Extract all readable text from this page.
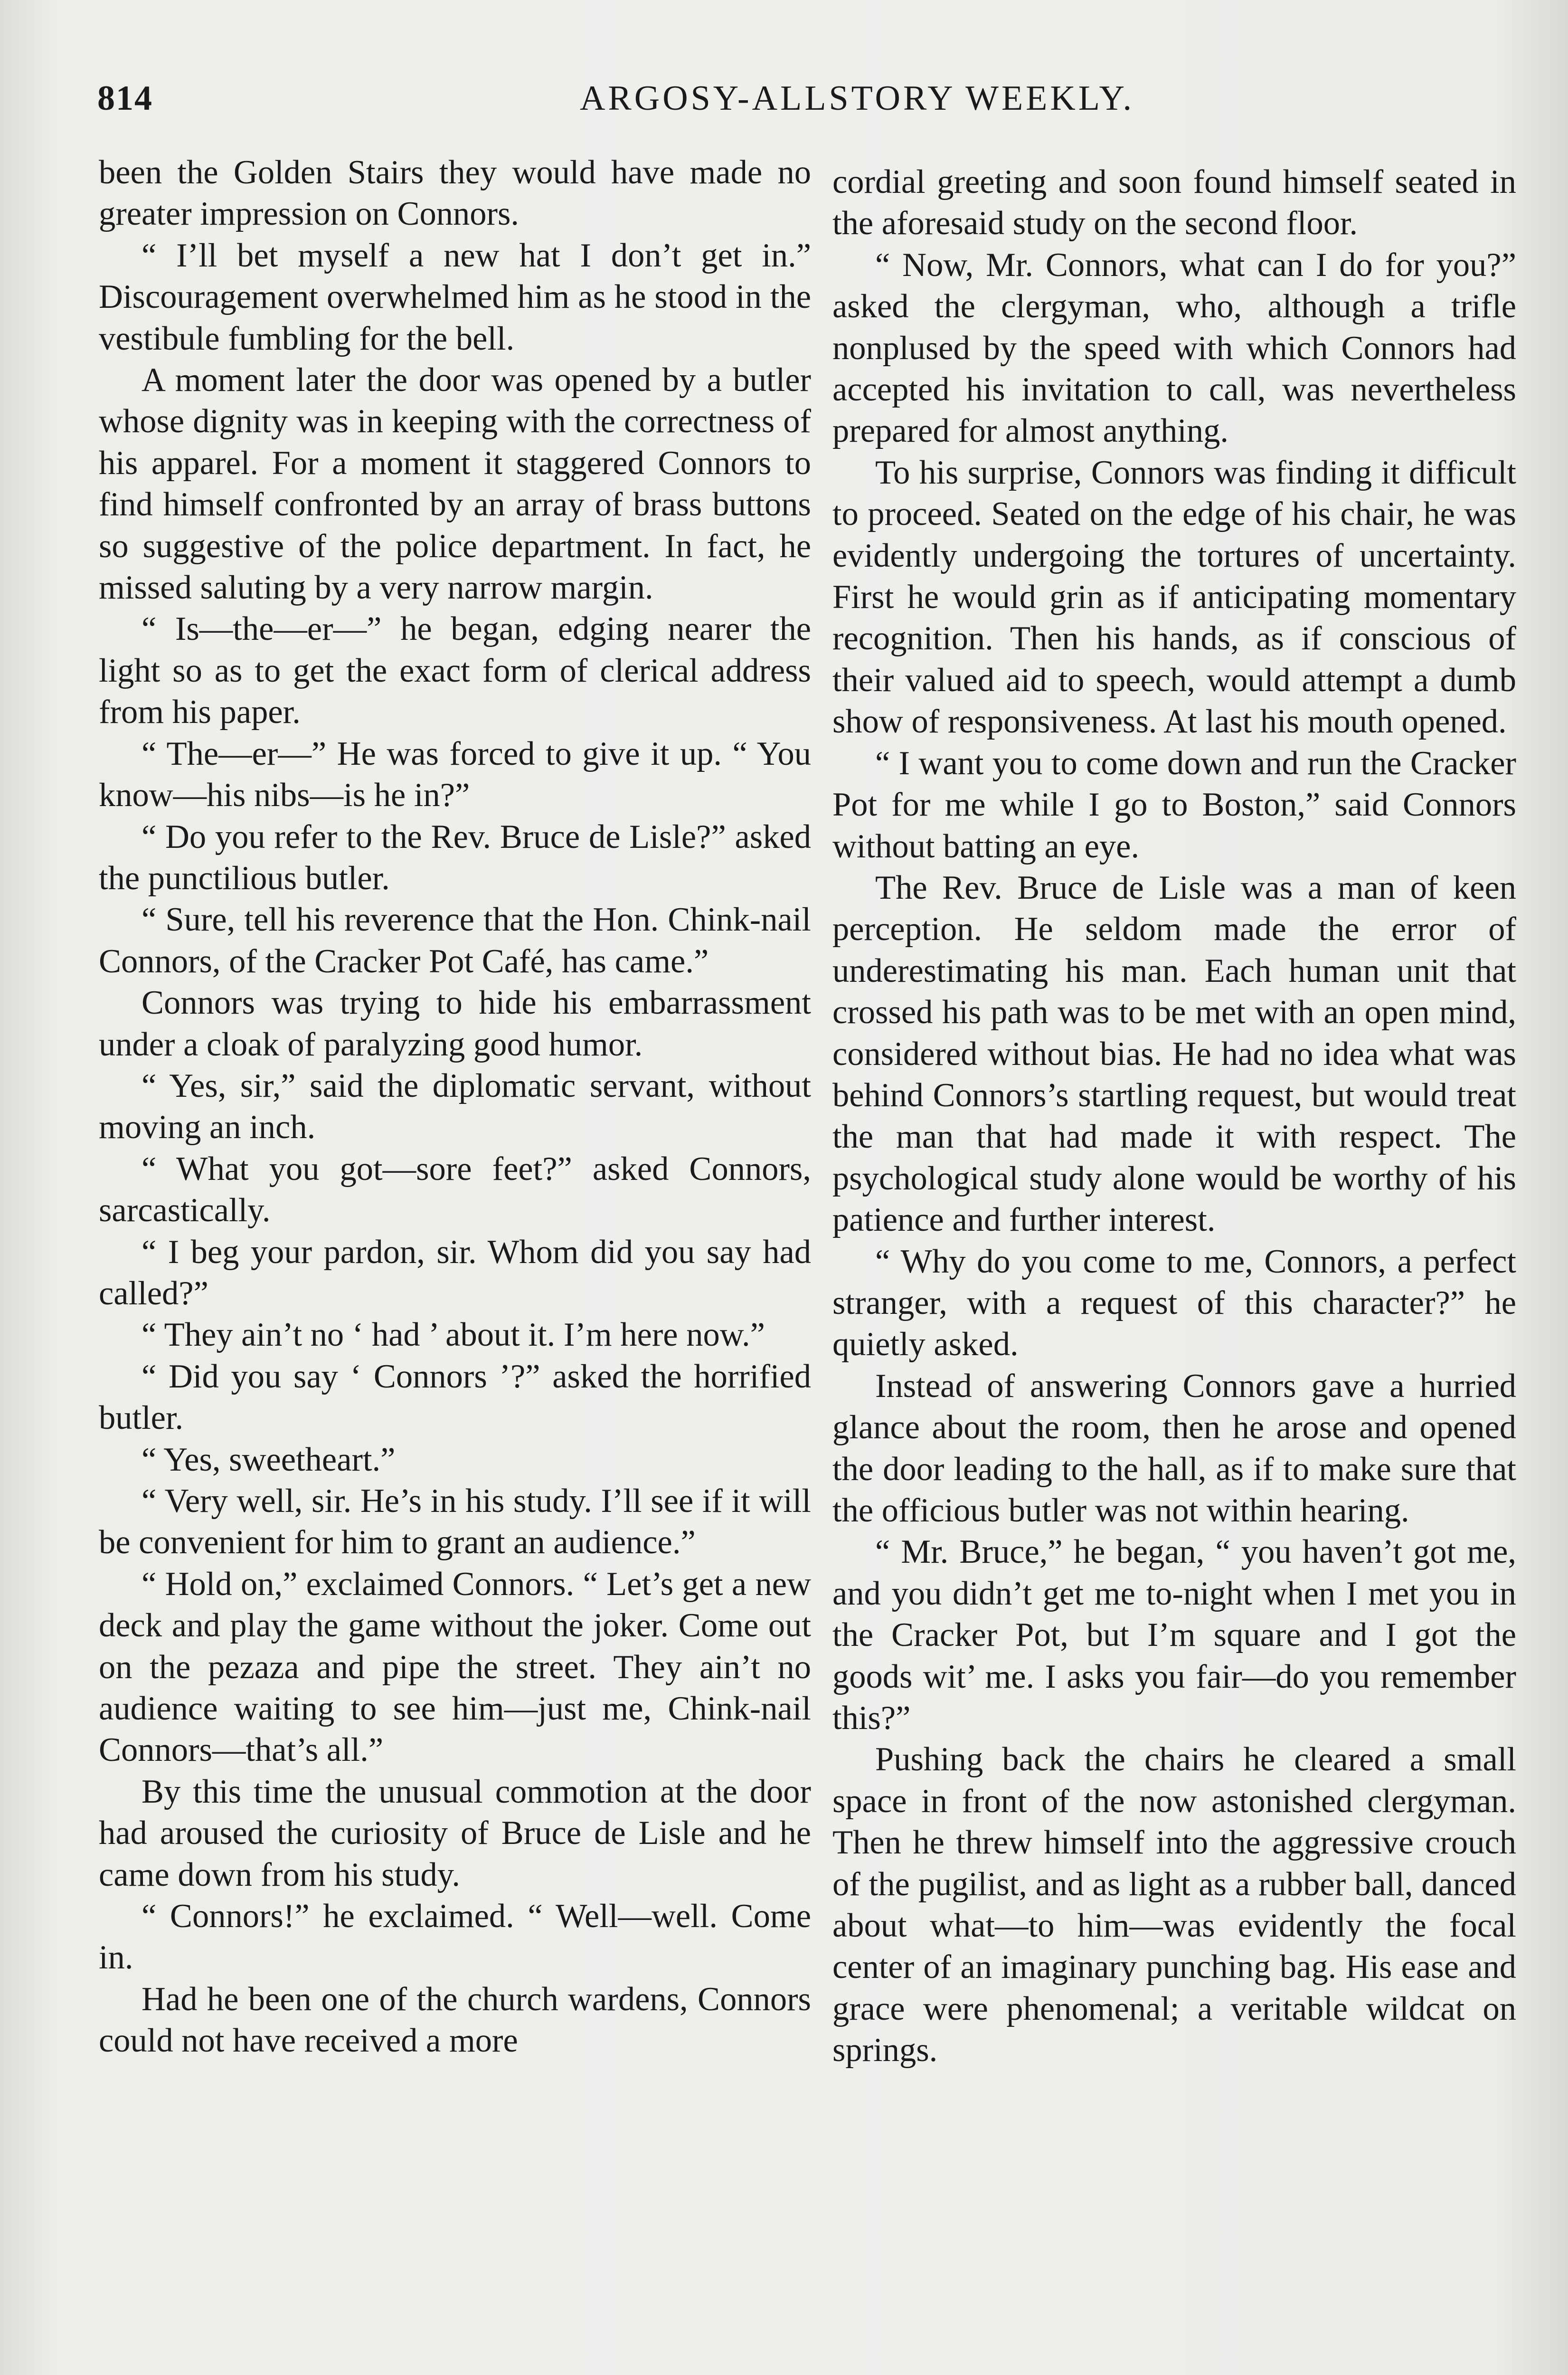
814	ARGOSY-ALLSTORY WEEKLY.

been the Golden Stairs they would have made no greater impression on Connors.

“ I’ll bet myself a new hat I don’t get in.” Discouragement overwhelmed him as he stood in the vestibule fumbling for the bell.

A moment later the door was opened by a butler whose dignity was in keeping with the correctness of his apparel. For a moment it staggered Connors to find himself confronted by an array of brass buttons so suggestive of the police department. In fact, he missed saluting by a very narrow margin.

“ Is—the—er—” he began, edging nearer the light so as to get the exact form of clerical address from his paper.

“ The—er—” He was forced to give it up. “ You know—his nibs—is he in?”

“ Do you refer to the Rev. Bruce de Lisle?” asked the punctilious butler.

“ Sure, tell his reverence that the Hon. Chink-nail Connors, of the Cracker Pot Café, has came.”

Connors was trying to hide his embarrassment under a cloak of paralyzing good humor.

“ Yes, sir,” said the diplomatic servant, without moving an inch.

“ What you got—sore feet?” asked Connors, sarcastically.

“ I beg your pardon, sir. Whom did you say had called?”

“ They ain’t no ‘ had ’ about it. I’m here now.”

“ Did you say ‘ Connors ’?” asked the horrified butler.

“ Yes, sweetheart.”

“ Very well, sir. He’s in his study. I’ll see if it will be convenient for him to grant an audience.”

“ Hold on,” exclaimed Connors. “ Let’s get a new deck and play the game without the joker. Come out on the pezaza and pipe the street. They ain’t no audience waiting to see him—just me, Chink-nail Connors—that’s all.”

By this time the unusual commotion at the door had aroused the curiosity of Bruce de Lisle and he came down from his study.

“ Connors!” he exclaimed. “ Well—well. Come in.

Had he been one of the church wardens, Connors could not have received a more

cordial greeting and soon found himself seated in the aforesaid study on the second floor.

“ Now, Mr. Connors, what can I do for you?” asked the clergyman, who, although a trifle nonplused by the speed with which Connors had accepted his invitation to call, was nevertheless prepared for almost anything.

To his surprise, Connors was finding it difficult to proceed. Seated on the edge of his chair, he was evidently undergoing the tortures of uncertainty. First he would grin as if anticipating momentary recognition. Then his hands, as if conscious of their valued aid to speech, would attempt a dumb show of responsiveness. At last his mouth opened.

“ I want you to come down and run the Cracker Pot for me while I go to Boston,” said Connors without batting an eye.

The Rev. Bruce de Lisle was a man of keen perception. He seldom made the error of underestimating his man. Each human unit that crossed his path was to be met with an open mind, considered without bias. He had no idea what was behind Connors’s startling request, but would treat the man that had made it with respect. The psychological study alone would be worthy of his patience and further interest.

“ Why do you come to me, Connors, a perfect stranger, with a request of this character?” he quietly asked.

Instead of answering Connors gave a hurried glance about the room, then he arose and opened the door leading to the hall, as if to make sure that the officious butler was not within hearing.

“ Mr. Bruce,” he began, “ you haven’t got me, and you didn’t get me to-night when I met you in the Cracker Pot, but I’m square and I got the goods wit’ me. I asks you fair—do you remember this?”

Pushing back the chairs he cleared a small space in front of the now astonished clergyman. Then he threw himself into the aggressive crouch of the pugilist, and as light as a rubber ball, danced about what—to him—was evidently the focal center of an imaginary punching bag. His ease and grace were phenomenal; a veritable wildcat on springs.
